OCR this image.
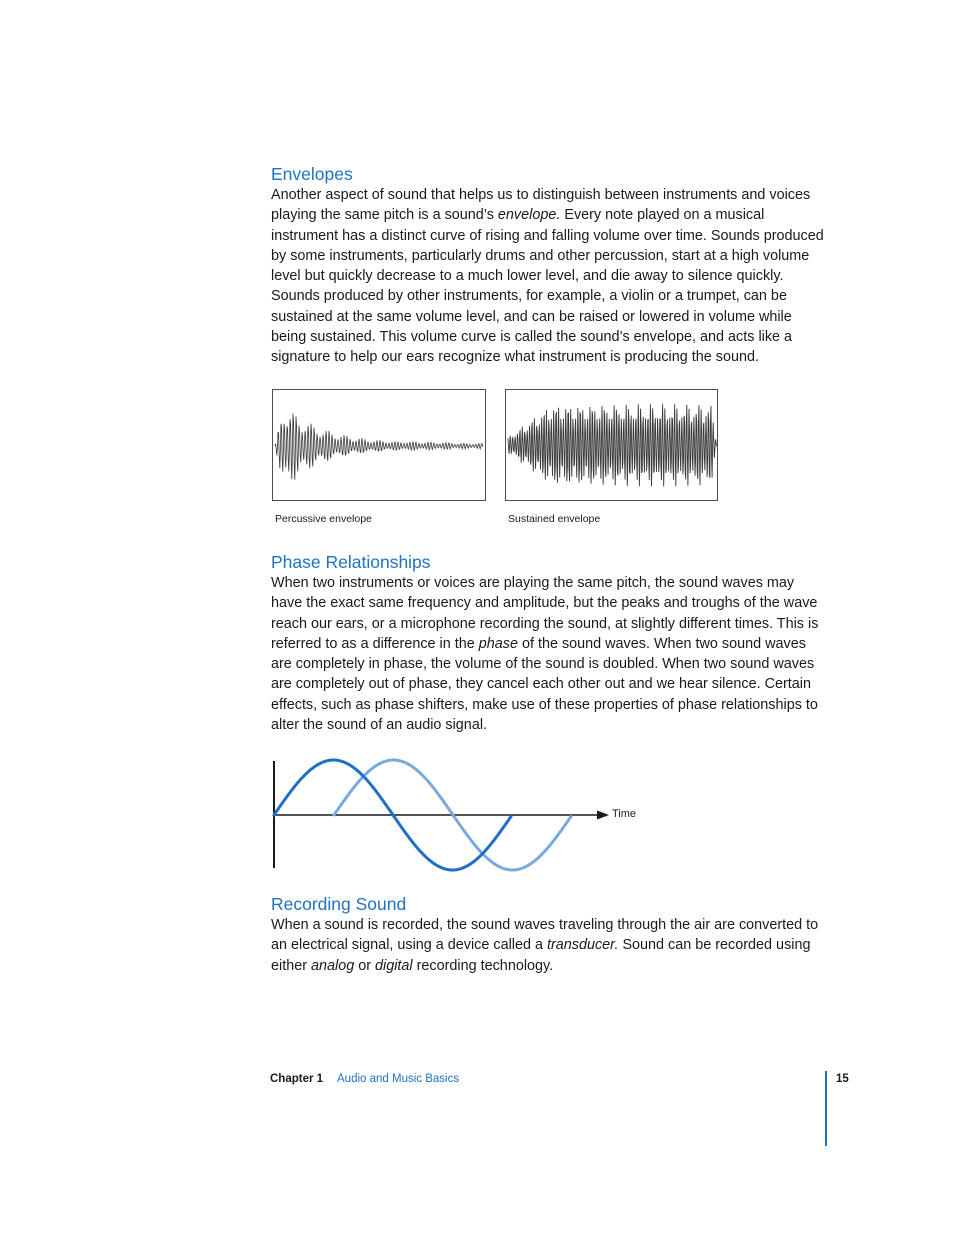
Envelopes

Another aspect of sound that helps us to distinguish between instruments and voices playing the same pitch is a sound’s envelope. Every note played on a musical instrument has a distinct curve of rising and falling volume over time. Sounds produced by some instruments, particularly drums and other percussion, start at a high volume level but quickly decrease to a much lower level, and die away to silence quickly. Sounds produced by other instruments, for example, a violin or a trumpet, can be sustained at the same volume level, and can be raised or lowered in volume while being sustained. This volume curve is called the sound’s envelope, and acts like a signature to help our ears recognize what instrument is producing the sound.

Percussive envelope	Sustained envelope
Phase Relationships

When two instruments or voices are playing the same pitch, the sound waves may have the exact same frequency and amplitude, but the peaks and troughs of the wave reach our ears, or a microphone recording the sound, at slightly different times. This is referred to as a difference in the phase of the sound waves. When two sound waves are completely in phase, the volume of the sound is doubled. When two sound waves are completely out of phase, they cancel each other out and we hear silence. Certain effects, such as phase shifters, make use of these properties of phase relationships to alter the sound of an audio signal.

Time
Recording Sound

When a sound is recorded, the sound waves traveling through the air are converted to an electrical signal, using a device called a transducer. Sound can be recorded using either analog or digital recording technology.

Chapter 1 Audio and Music Basics	15
